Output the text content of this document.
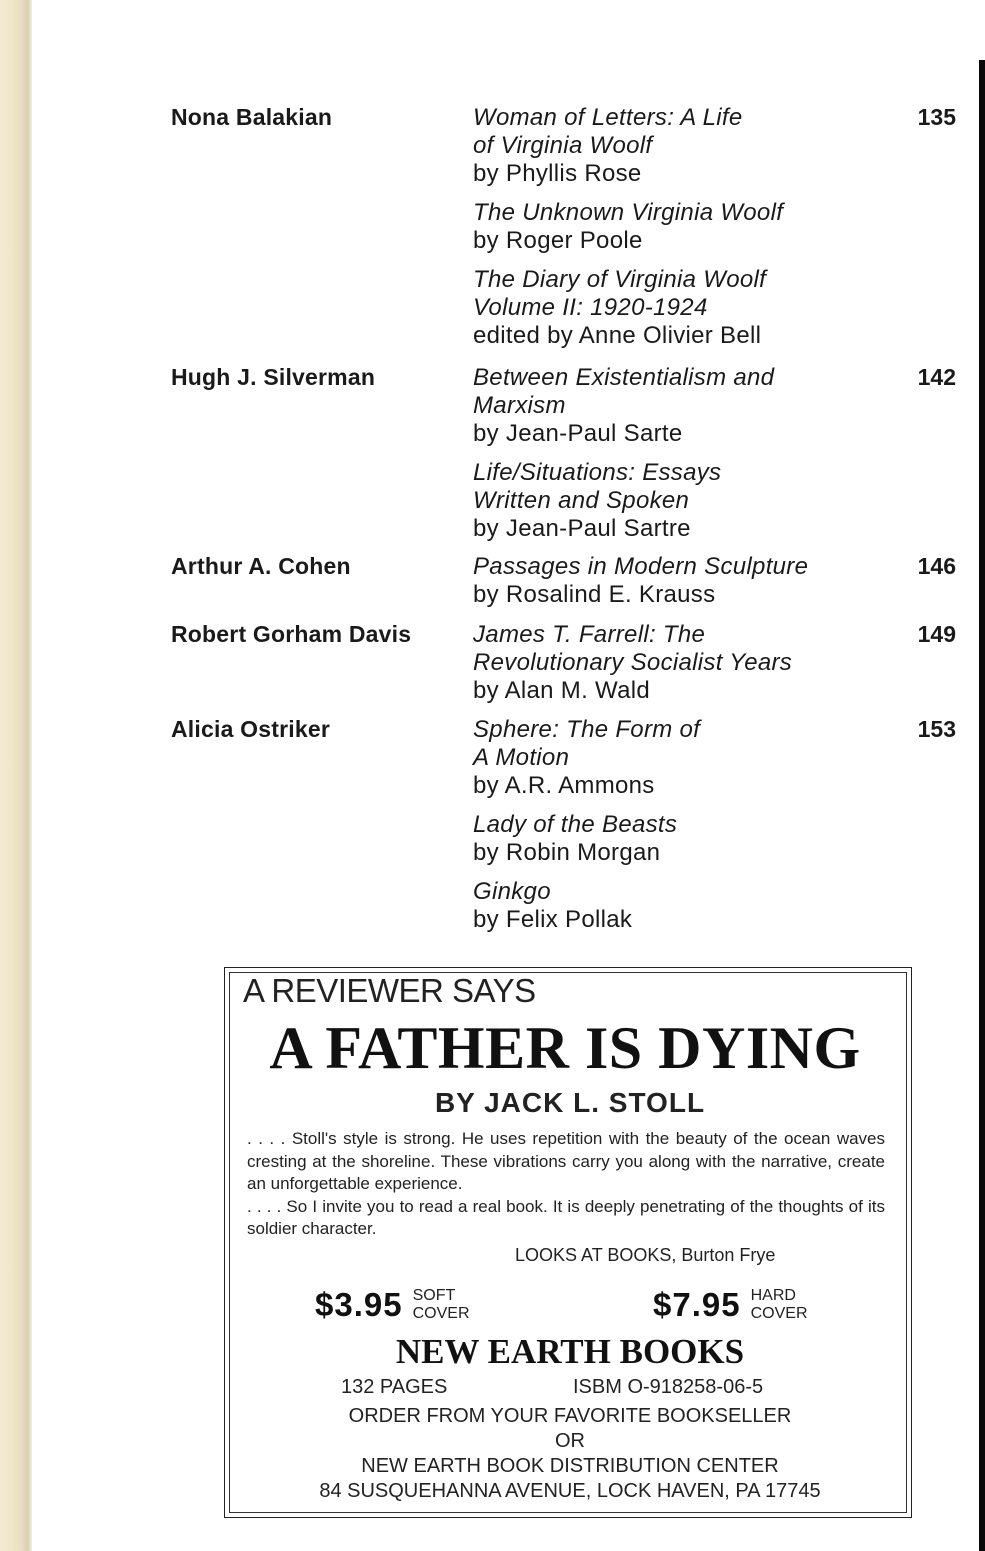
Nona Balakian	Woman of Letters: A Life
of Virginia Woolf
by Phyllis Rose
The Unknown Virginia Woolf
by Roger Poole
The Diary of Virginia Woolf
Volume II: 1920-1924
edited by Anne Olivier Bell
135
Hugh J. Silverman	Between Existentialism and
Marxism
by Jean-Paul Sarte
Life/Situations: Essays
Written and Spoken
by Jean-Paul Sartre
142
Arthur A. Cohen	Passages in Modern Sculpture
by Rosalind E. Krauss
146
Robert Gorham Davis	James T. Farrell: The
Revolutionary Socialist Years
by Alan M. Wald
149
Alicia Ostriker	Sphere: The Form of
A Motion
by A.R. Ammons
Lady of the Beasts
by Robin Morgan
Ginkgo
by Felix Pollak
153
A REVIEWER SAYS
A FATHER IS DYING
BY JACK L. STOLL

. . . . Stoll's style is strong. He uses repetition with the beauty of the ocean waves cresting at the shoreline. These vibrations carry you along with the narrative, create an unforgettable experience.

. . . . So I invite you to read a real book. It is deeply penetrating of the thoughts of its soldier character.

LOOKS AT BOOKS, Burton Frye
$3.95 SOFT
COVER	$7.95 HARD
COVER
NEW EARTH BOOKS
132 PAGES	ISBM O-918258-06-5
ORDER FROM YOUR FAVORITE BOOKSELLER
OR
NEW EARTH BOOK DISTRIBUTION CENTER
84 SUSQUEHANNA AVENUE, LOCK HAVEN, PA 17745
